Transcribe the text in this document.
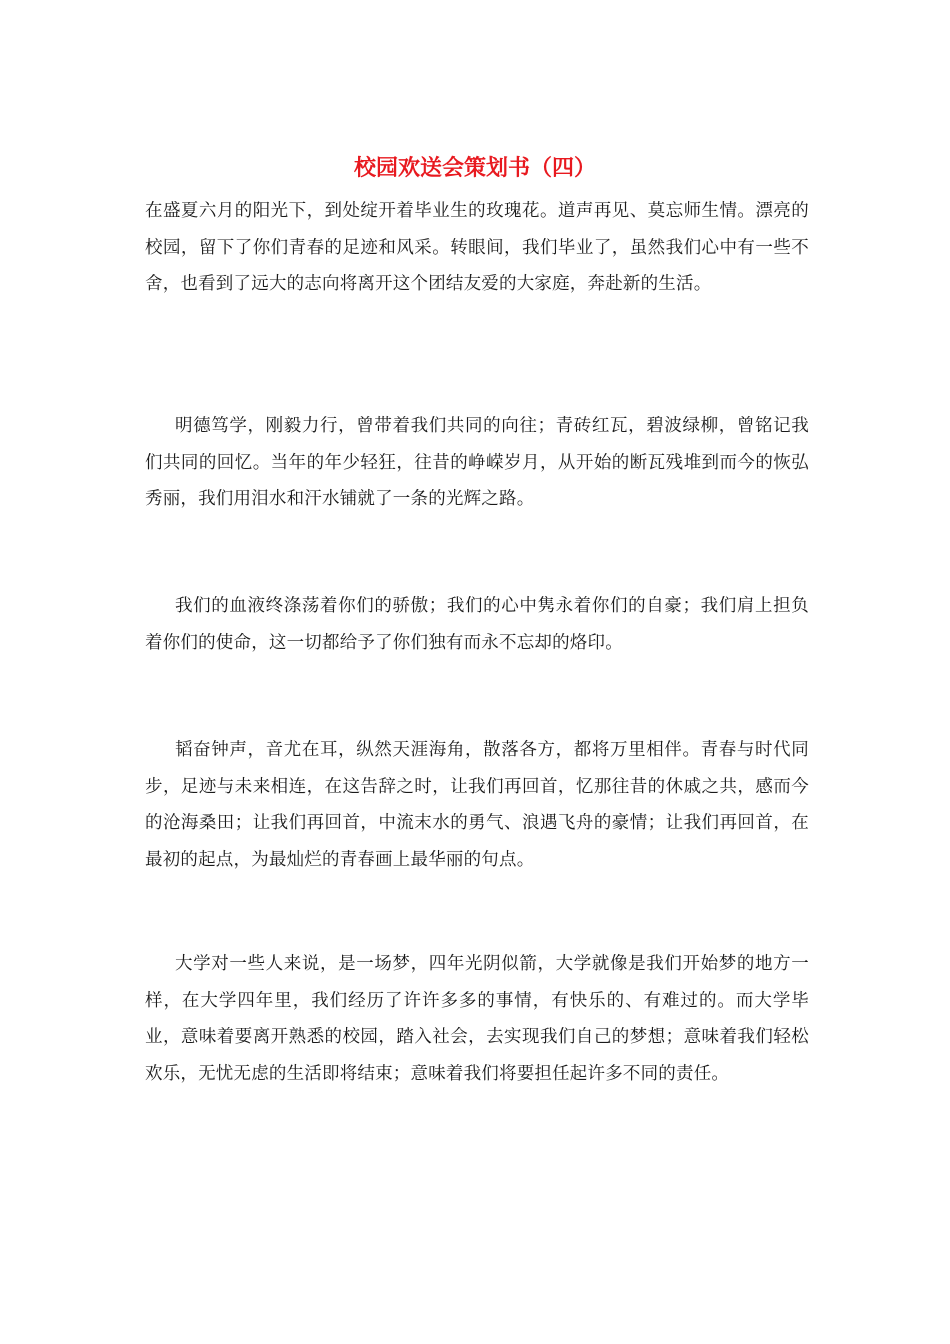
校园欢送会策划书（四）

在盛夏六月的阳光下，到处绽开着毕业生的玫瑰花。道声再见、莫忘师生情。漂亮的校园，留下了你们青春的足迹和风采。转眼间，我们毕业了，虽然我们心中有一些不舍，也看到了远大的志向将离开这个团结友爱的大家庭，奔赴新的生活。

明德笃学，刚毅力行，曾带着我们共同的向往；青砖红瓦，碧波绿柳，曾铭记我们共同的回忆。当年的年少轻狂，往昔的峥嵘岁月，从开始的断瓦残堆到而今的恢弘秀丽，我们用泪水和汗水铺就了一条的光辉之路。

我们的血液终涤荡着你们的骄傲；我们的心中隽永着你们的自豪；我们肩上担负着你们的使命，这一切都给予了你们独有而永不忘却的烙印。

韬奋钟声，音尤在耳，纵然天涯海角，散落各方，都将万里相伴。青春与时代同步，足迹与未来相连，在这告辞之时，让我们再回首，忆那往昔的休戚之共，感而今的沧海桑田；让我们再回首，中流末水的勇气、浪遇飞舟的豪情；让我们再回首，在最初的起点，为最灿烂的青春画上最华丽的句点。

大学对一些人来说，是一场梦，四年光阴似箭，大学就像是我们开始梦的地方一样，在大学四年里，我们经历了许许多多的事情，有快乐的、有难过的。而大学毕业，意味着要离开熟悉的校园，踏入社会，去实现我们自己的梦想；意味着我们轻松欢乐，无忧无虑的生活即将结束；意味着我们将要担任起许多不同的责任。
